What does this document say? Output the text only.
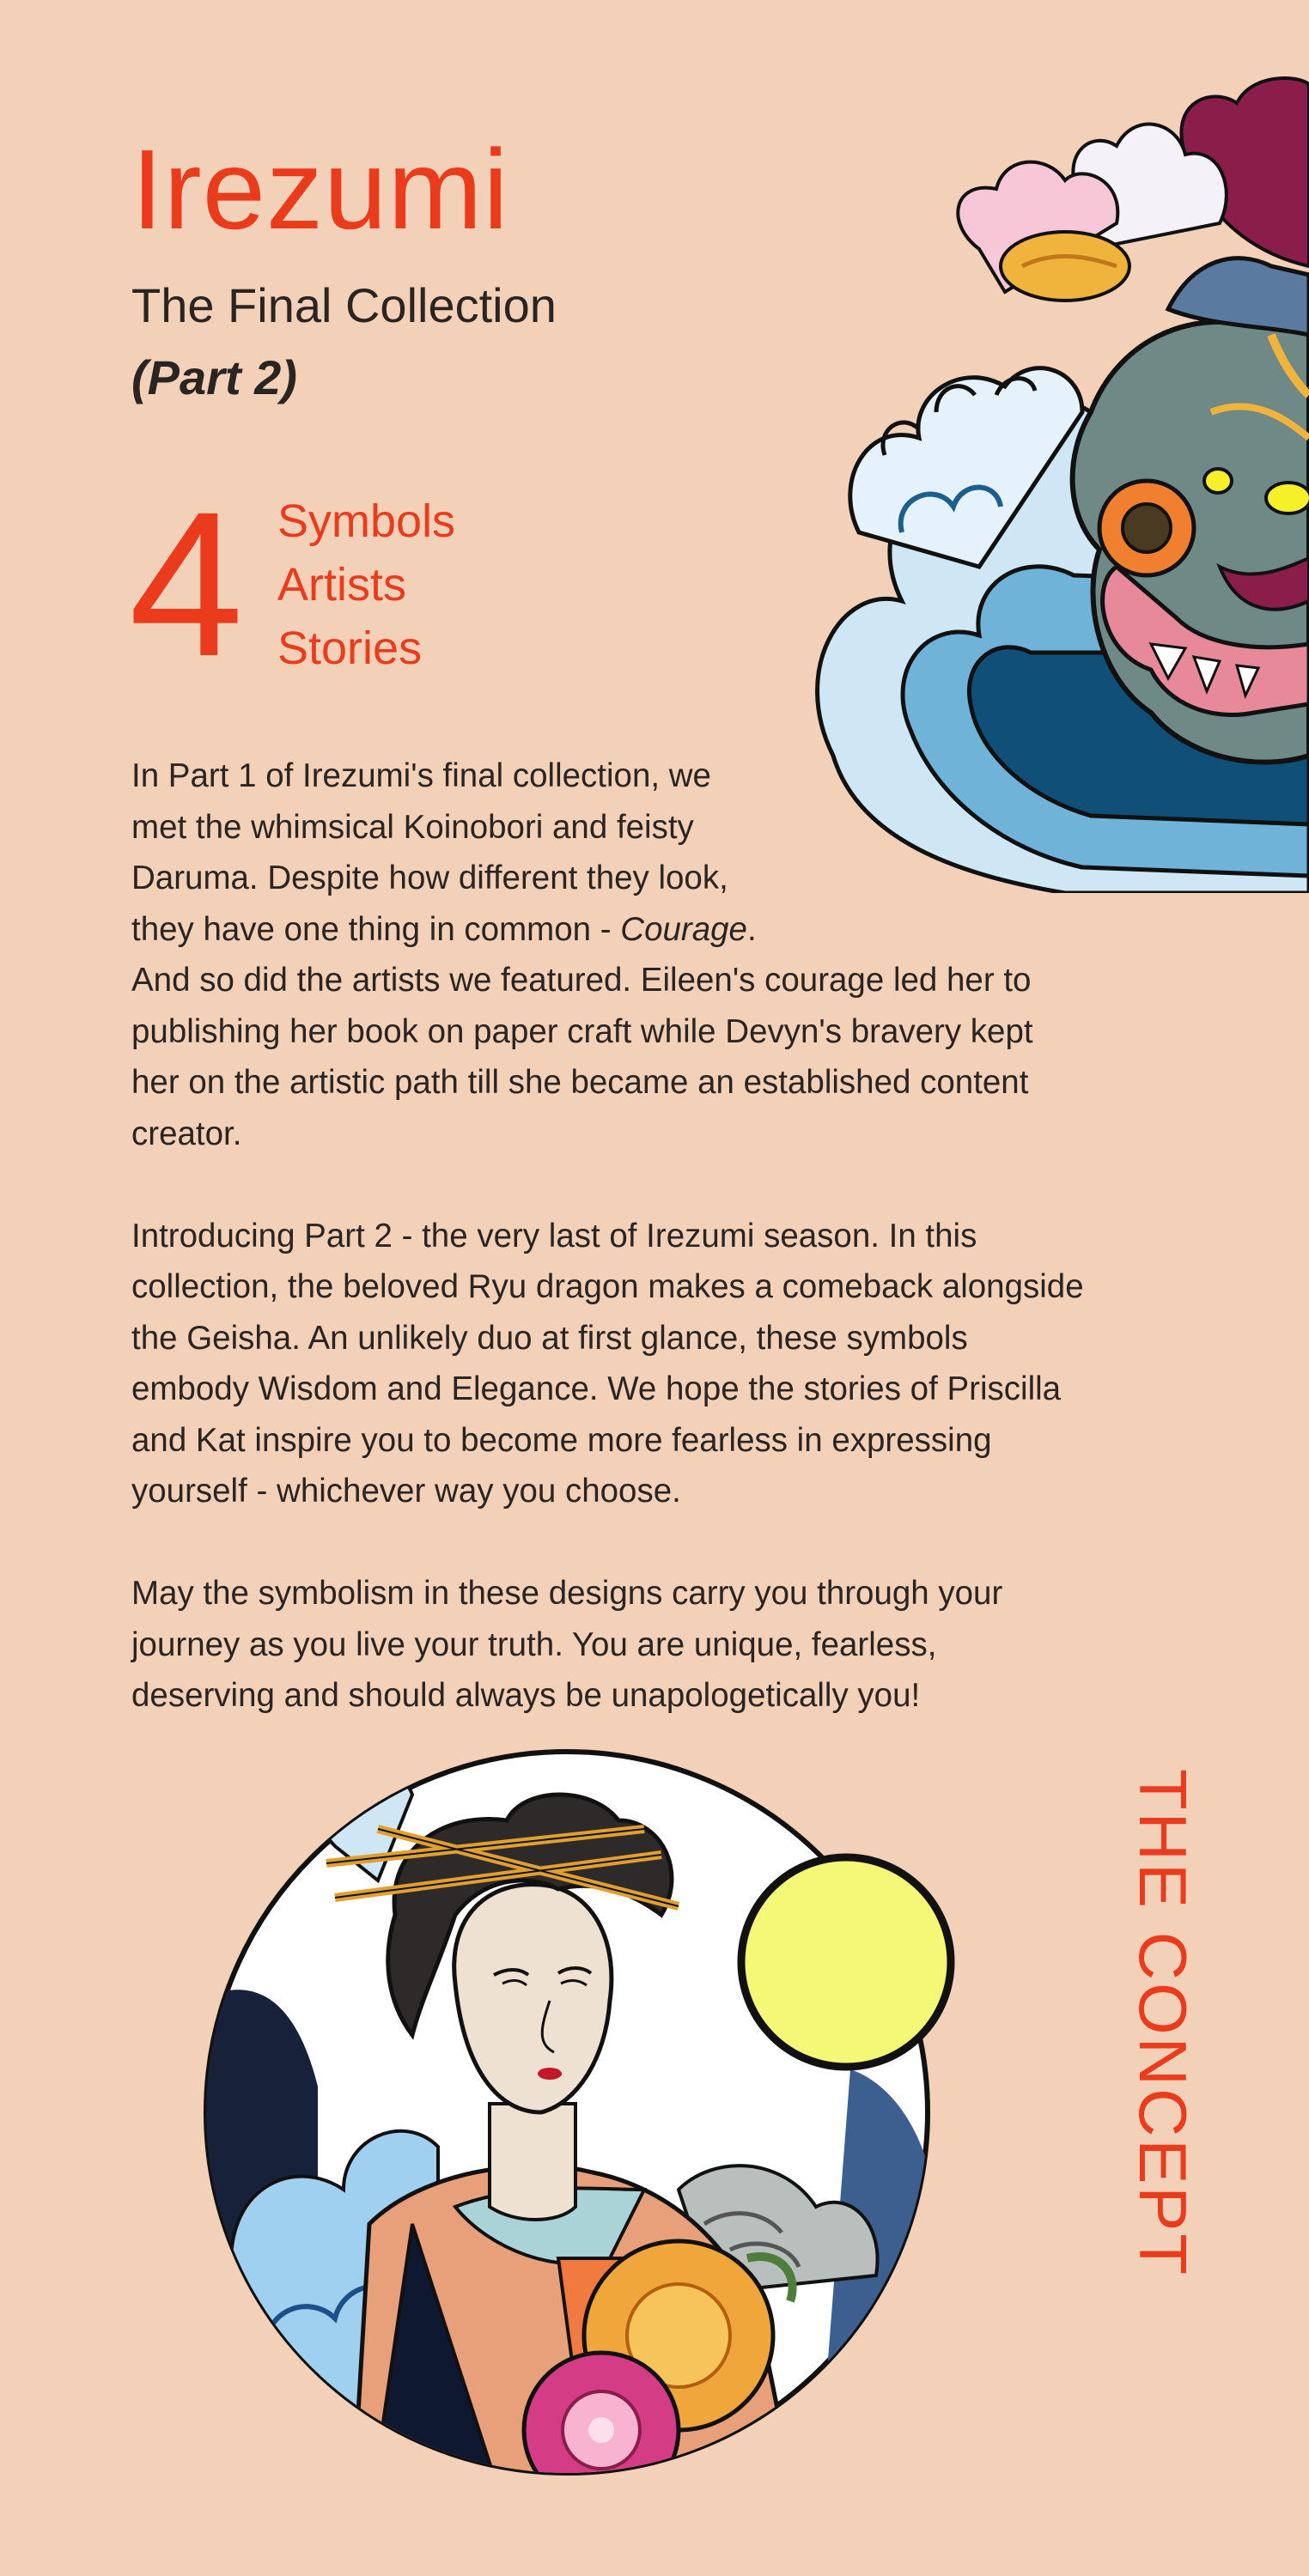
Irezumi
The Final Collection
(Part 2)
4 Symbols
Artists
Stories

In Part 1 of Irezumi's final collection, we met the whimsical Koinobori and feisty Daruma. Despite how different they look, they have one thing in common - Courage. And so did the artists we featured. Eileen's courage led her to publishing her book on paper craft while Devyn's bravery kept her on the artistic path till she became an established content creator.

Introducing Part 2 - the very last of Irezumi season. In this collection, the beloved Ryu dragon makes a comeback alongside the Geisha. An unlikely duo at first glance, these symbols embody Wisdom and Elegance. We hope the stories of Priscilla and Kat inspire you to become more fearless in expressing yourself - whichever way you choose.

May the symbolism in these designs carry you through your journey as you live your truth. You are unique, fearless, deserving and should always be unapologetically you!

THE CONCEPT
